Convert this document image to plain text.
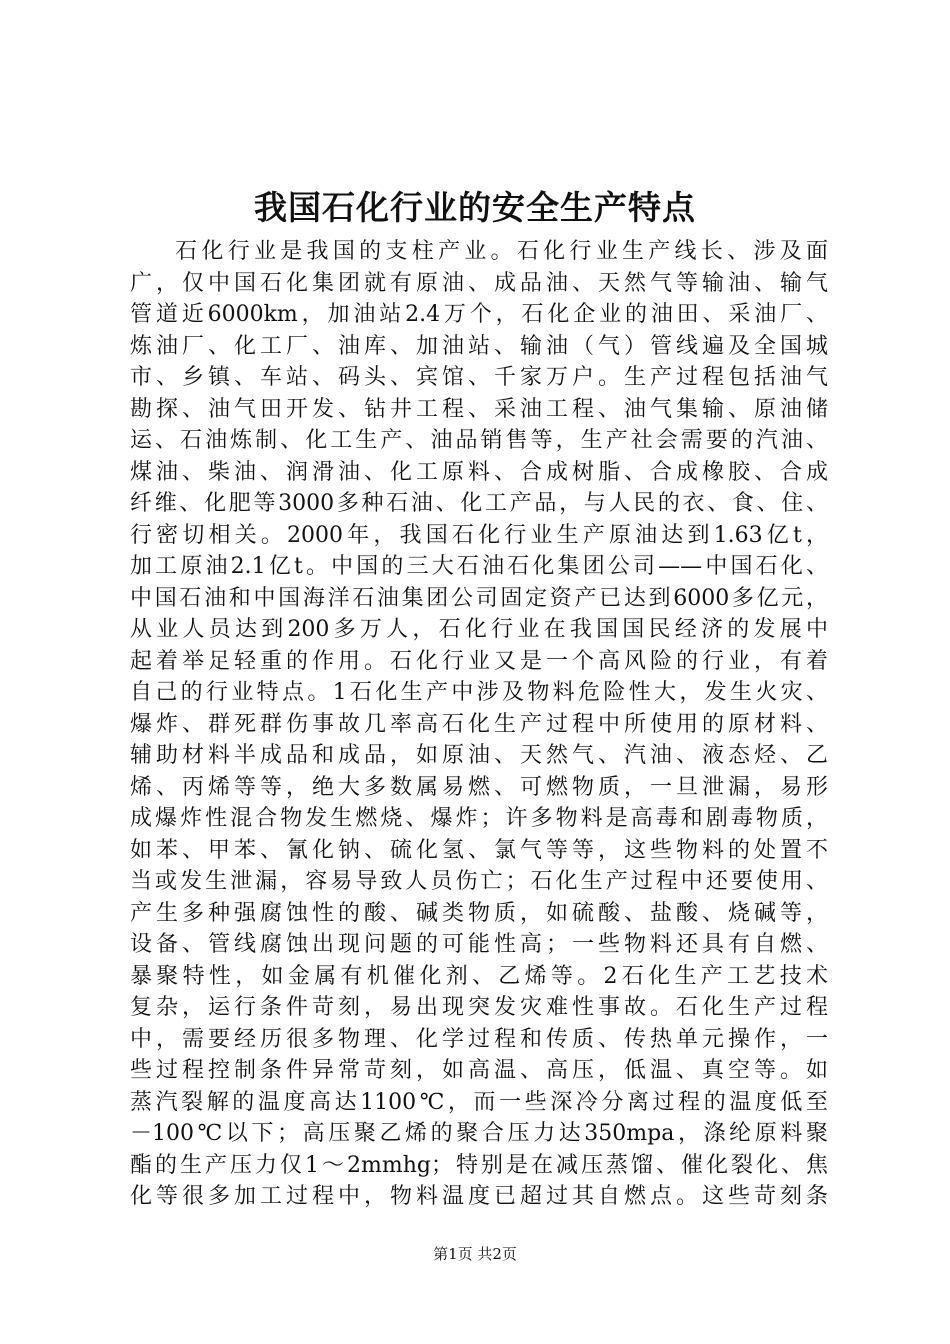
我国石化行业的安全生产特点
石化行业是我国的支柱产业。石化行业生产线长、涉及面
广，仅中国石化集团就有原油、成品油、天然气等输油、输气
管道近6000km，加油站2.4万个，石化企业的油田、采油厂、
炼油厂、化工厂、油库、加油站、输油（气）管线遍及全国城
市、乡镇、车站、码头、宾馆、千家万户。生产过程包括油气
勘探、油气田开发、钻井工程、采油工程、油气集输、原油储
运、石油炼制、化工生产、油品销售等，生产社会需要的汽油、
煤油、柴油、润滑油、化工原料、合成树脂、合成橡胶、合成
纤维、化肥等3000多种石油、化工产品，与人民的衣、食、住、
行密切相关。2000年，我国石化行业生产原油达到1.63亿t，
加工原油2.1亿t。中国的三大石油石化集团公司——中国石化、
中国石油和中国海洋石油集团公司固定资产已达到6000多亿元，
从业人员达到200多万人，石化行业在我国国民经济的发展中
起着举足轻重的作用。石化行业又是一个高风险的行业，有着
自己的行业特点。1石化生产中涉及物料危险性大，发生火灾、
爆炸、群死群伤事故几率高石化生产过程中所使用的原材料、
辅助材料半成品和成品，如原油、天然气、汽油、液态烃、乙
烯、丙烯等等，绝大多数属易燃、可燃物质，一旦泄漏，易形
成爆炸性混合物发生燃烧、爆炸；许多物料是高毒和剧毒物质，
如苯、甲苯、氰化钠、硫化氢、氯气等等，这些物料的处置不
当或发生泄漏，容易导致人员伤亡；石化生产过程中还要使用、
产生多种强腐蚀性的酸、碱类物质，如硫酸、盐酸、烧碱等，
设备、管线腐蚀出现问题的可能性高；一些物料还具有自燃、
暴聚特性，如金属有机催化剂、乙烯等。2石化生产工艺技术
复杂，运行条件苛刻，易出现突发灾难性事故。石化生产过程
中，需要经历很多物理、化学过程和传质、传热单元操作，一
些过程控制条件异常苛刻，如高温、高压，低温、真空等。如
蒸汽裂解的温度高达1100℃，而一些深冷分离过程的温度低至
－100℃以下；高压聚乙烯的聚合压力达350mpa，涤纶原料聚
酯的生产压力仅1～2mmhg；特别是在减压蒸馏、催化裂化、焦
化等很多加工过程中，物料温度已超过其自燃点。这些苛刻条
第1页 共2页
